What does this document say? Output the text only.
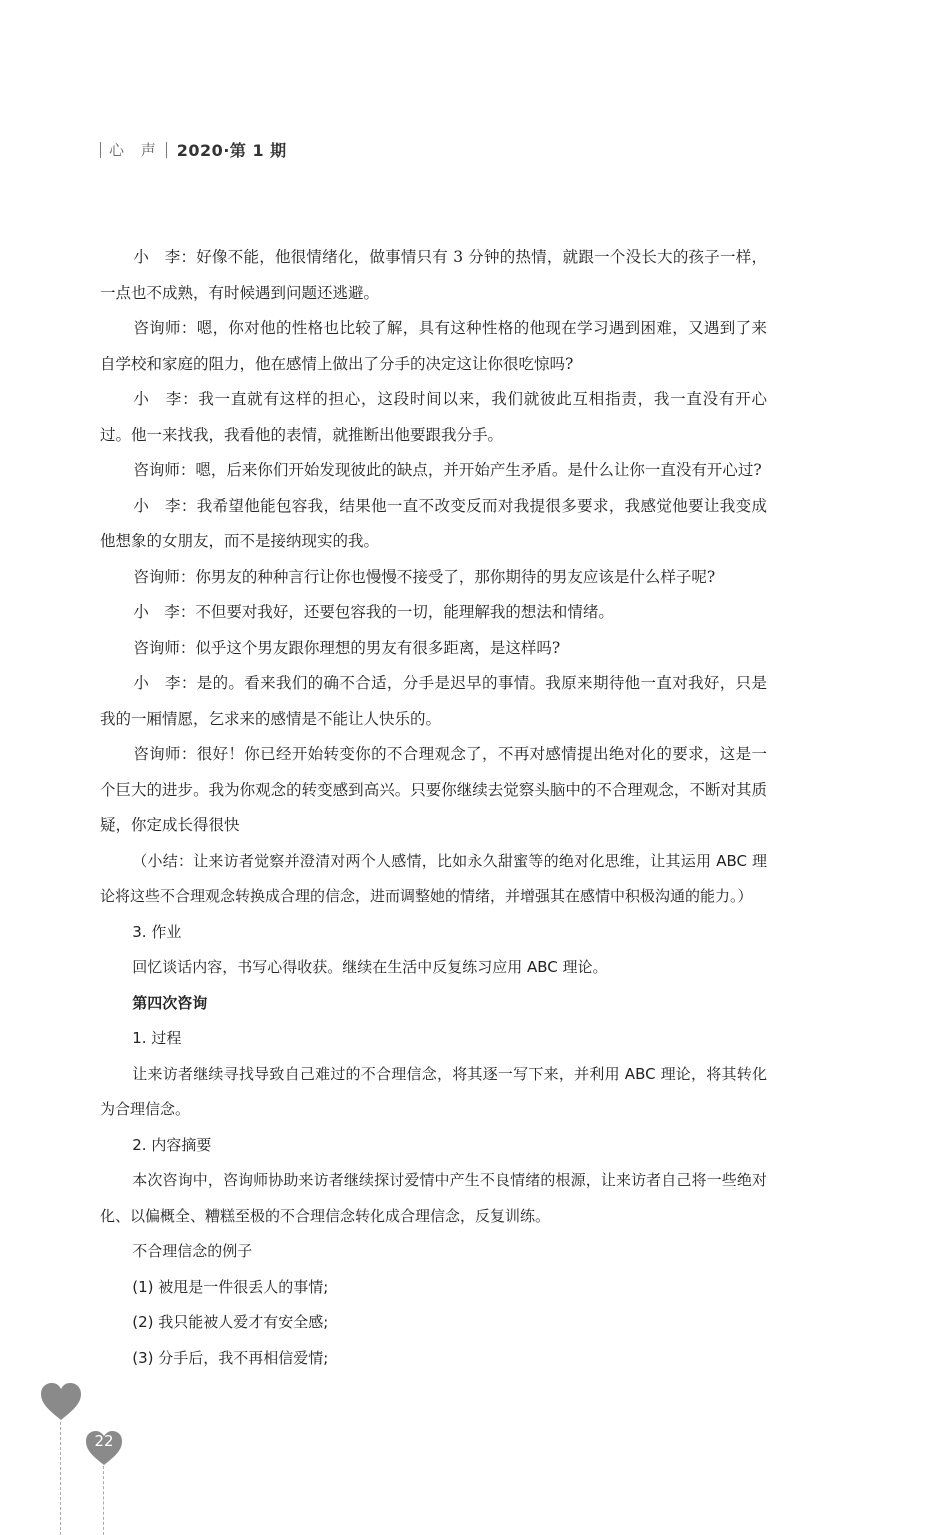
心 声 2020·第 1 期

小　李：好像不能，他很情绪化，做事情只有 3 分钟的热情，就跟一个没长大的孩子一样，一点也不成熟，有时候遇到问题还逃避。

咨询师：嗯，你对他的性格也比较了解，具有这种性格的他现在学习遇到困难，又遇到了来自学校和家庭的阻力，他在感情上做出了分手的决定这让你很吃惊吗?

小　李：我一直就有这样的担心，这段时间以来，我们就彼此互相指责，我一直没有开心过。他一来找我，我看他的表情，就推断出他要跟我分手。

咨询师：嗯，后来你们开始发现彼此的缺点，并开始产生矛盾。是什么让你一直没有开心过?

小　李：我希望他能包容我，结果他一直不改变反而对我提很多要求，我感觉他要让我变成他想象的女朋友，而不是接纳现实的我。

咨询师：你男友的种种言行让你也慢慢不接受了，那你期待的男友应该是什么样子呢?

小　李：不但要对我好，还要包容我的一切，能理解我的想法和情绪。

咨询师：似乎这个男友跟你理想的男友有很多距离，是这样吗?

小　李：是的。看来我们的确不合适，分手是迟早的事情。我原来期待他一直对我好，只是我的一厢情愿，乞求来的感情是不能让人快乐的。

咨询师：很好！你已经开始转变你的不合理观念了，不再对感情提出绝对化的要求，这是一个巨大的进步。我为你观念的转变感到高兴。只要你继续去觉察头脑中的不合理观念，不断对其质疑，你定成长得很快

（小结：让来访者觉察并澄清对两个人感情，比如永久甜蜜等的绝对化思维，让其运用 ABC 理论将这些不合理观念转换成合理的信念，进而调整她的情绪，并增强其在感情中积极沟通的能力。）

3. 作业

回忆谈话内容，书写心得收获。继续在生活中反复练习应用 ABC 理论。

第四次咨询

1. 过程

让来访者继续寻找导致自己难过的不合理信念，将其逐一写下来，并利用 ABC 理论，将其转化为合理信念。

2. 内容摘要

本次咨询中，咨询师协助来访者继续探讨爱情中产生不良情绪的根源，让来访者自己将一些绝对化、以偏概全、糟糕至极的不合理信念转化成合理信念，反复训练。

不合理信念的例子

(1) 被甩是一件很丢人的事情;

(2) 我只能被人爱才有安全感;

(3) 分手后，我不再相信爱情;

22
